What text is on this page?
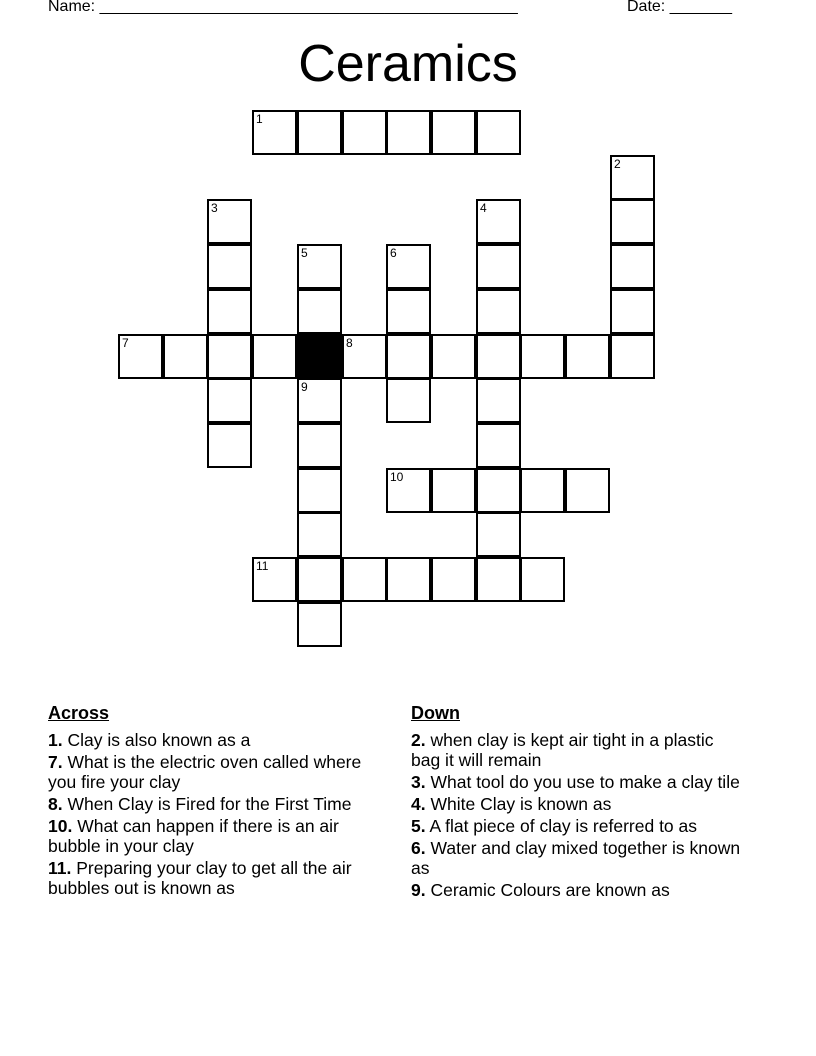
Name: _______________________________________________	Date: _______
Ceramics
1
2
3	4
5	6
7	8
9
10
11
Across
1. Clay is also known as a
7. What is the electric oven called where you fire your clay
8. When Clay is Fired for the First Time
10. What can happen if there is an air bubble in your clay
11. Preparing your clay to get all the air bubbles out is known as
Down
2. when clay is kept air tight in a plastic bag it will remain
3. What tool do you use to make a clay tile
4. White Clay is known as
5. A flat piece of clay is referred to as
6. Water and clay mixed together is known as
9. Ceramic Colours are known as
